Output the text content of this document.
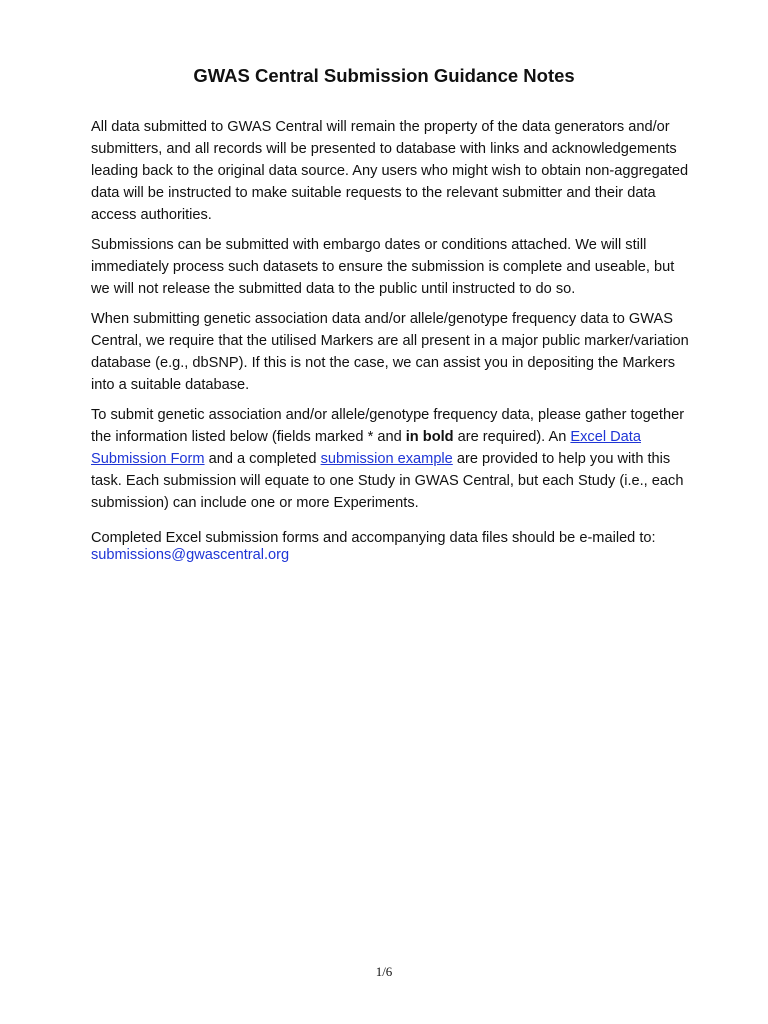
GWAS Central Submission Guidance Notes

All data submitted to GWAS Central will remain the property of the data generators and/or submitters, and all records will be presented to database with links and acknowledgements leading back to the original data source. Any users who might wish to obtain non-aggregated data will be instructed to make suitable requests to the relevant submitter and their data access authorities.

Submissions can be submitted with embargo dates or conditions attached. We will still immediately process such datasets to ensure the submission is complete and useable, but we will not release the submitted data to the public until instructed to do so.

When submitting genetic association data and/or allele/genotype frequency data to GWAS Central, we require that the utilised Markers are all present in a major public marker/variation database (e.g., dbSNP). If this is not the case, we can assist you in depositing the Markers into a suitable database.

To submit genetic association and/or allele/genotype frequency data, please gather together the information listed below (fields marked * and in bold are required). An Excel Data Submission Form and a completed submission example are provided to help you with this task. Each submission will equate to one Study in GWAS Central, but each Study (i.e., each submission) can include one or more Experiments.

Completed Excel submission forms and accompanying data files should be e-mailed to: submissions@gwascentral.org

1/6
